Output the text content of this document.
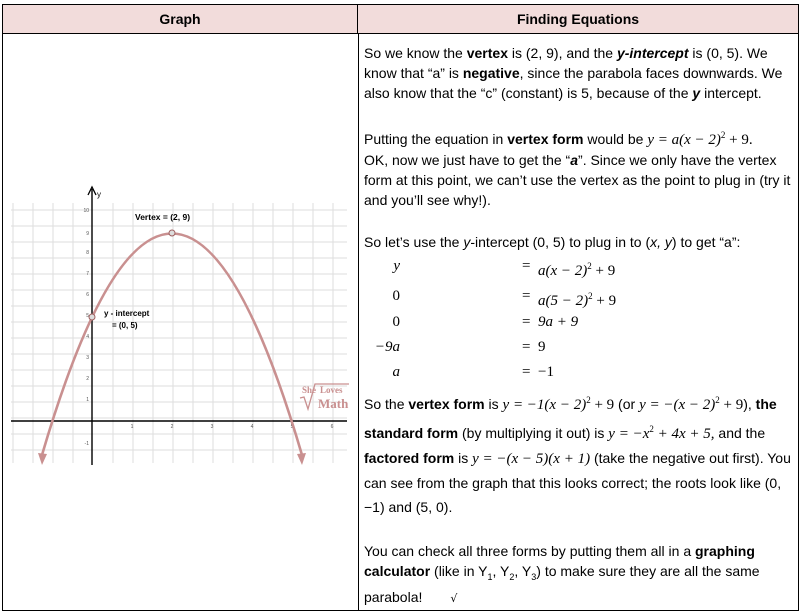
Graph	Finding Equations
y
10
9
8
7
6
5
4
3
2
1
-1
1	2	3	4	5	6
Vertex = (2, 9)
y - intercept
= (0, 5)
She Loves
Math

So we know the vertex is (2, 9), and the y-intercept is (0, 5). We know that “a” is negative, since the parabola faces downwards. We also know that the “c” (constant) is 5, because of the y intercept.

Putting the equation in vertex form would be $y = a(x - 2)^2 + 9$.
OK, now we just have to get the “a”. Since we only have the vertex form at this point, we can’t use the vertex as the point to plug in (try it and you’ll see why!).

So let’s use the y-intercept (0, 5) to plug in to (x, y) to get “a”:

y	= $a(x - 2)^2 + 9$
0	= $a(5 - 2)^2 + 9$
0	= 9a + 9
−9a	= 9
a	= −1

So the vertex form is $y = -1(x - 2)^2 + 9$ (or $y = -(x - 2)^2 + 9$), the standard form (by multiplying it out) is $y = -x^2 + 4x + 5$, and the factored form is y = −(x − 5)(x + 1) (take the negative out first). You can see from the graph that this looks correct; the roots look like (0, −1) and (5, 0).

You can check all three forms by putting them all in a graphing calculator (like in $Y_1$, $Y_2$, $Y_3$) to make sure they are all the same parabola!	√
